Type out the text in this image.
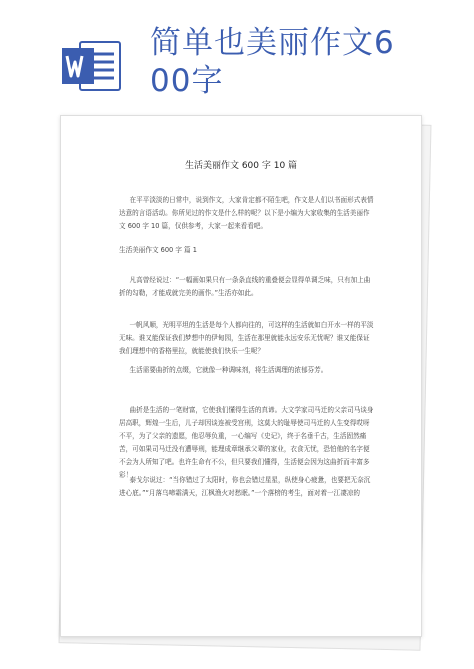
简单也美丽作文6
00字
生活美丽作文 600 字 10 篇

在平平淡淡的日常中，说到作文，大家肯定都不陌生吧，作文是人们以书面形式表情达意的言语活动。你所见过的作文是什么样的呢？以下是小编为大家收集的生活美丽作文 600 字 10 篇，仅供参考，大家一起来看看吧。

生活美丽作文 600 字 篇 1

凡高曾经说过：“一幅画如果只有一条条直线的重叠便会显得单调乏味，只有加上曲折的勾勒，才能成就完美的画作。”生活亦如此。

一帆风顺，光明平坦的生活是每个人都向往的，可这样的生活就如白开水一样的平淡无味。谁又能保证我们梦想中的伊甸园，生活在那里就能永远安乐无忧呢？谁又能保证我们理想中的香格里拉，就能使我们快乐一生呢？

生活需要曲折的点缀，它就像一种调味剂，将生活调理的浓郁芬芳。

曲折是生活的一笔财富，它使我们懂得生活的真谛。大文学家司马迁的父亲司马谈身居高职，辉煌一生后，儿子却因谈连被受宫刑，这莫大的耻辱使司马迁的人生变得哎呀不平，为了父亲的遗愿，他忍辱负重，一心编写《史记》，终于名垂千古，生活固然痛苦，可如果司马迁没有遭辱刑，能理成章继承父辈的家业，衣食无忧，恐怕他的名字便不会为人所知了吧。也许生命有不公，但只要我们懂得，生活便会因为这曲折而丰富多彩！

泰戈尔说过：“当你错过了太阳时，你也会错过星星，纵使身心疲惫，也要把无奈沉进心底。”“月落乌啼霜满天，江枫渔火对愁眠。”一个落榜的考生，面对着一江凄凉的
